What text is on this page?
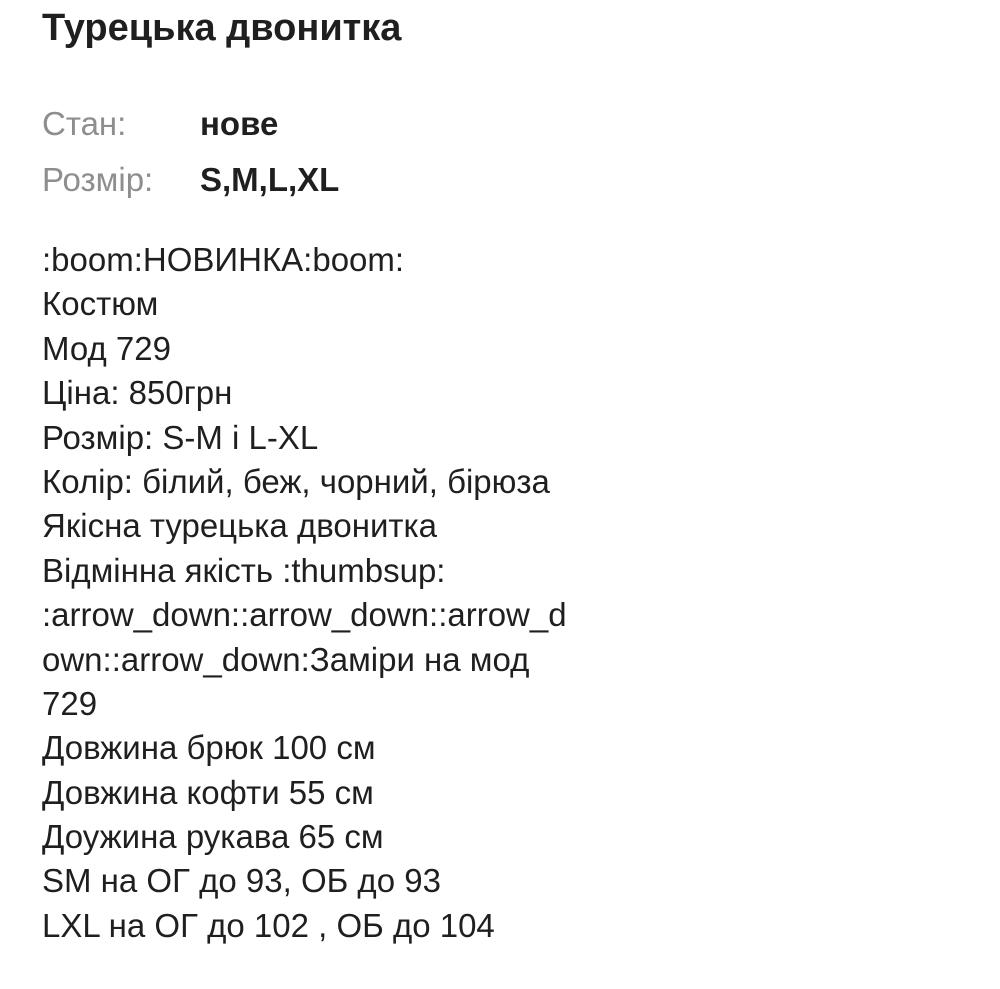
Турецька двонитка
Стан:	нове
Розмір:	S,M,L,XL
:boom:НОВИНКА:boom:
Костюм
Мод 729
Ціна: 850грн
Розмір: S-M і L-XL
Колір: білий, беж, чорний, бірюза
Якісна турецька двонитка
Відмінна якість :thumbsup:
:arrow_down::arrow_down::arrow_d
own::arrow_down:Заміри на мод
729
Довжина брюк 100 см
Довжина кофти 55 см
Доужина рукава 65 см
SM на ОГ до 93, ОБ до 93
LXL на ОГ до 102 , ОБ до 104
